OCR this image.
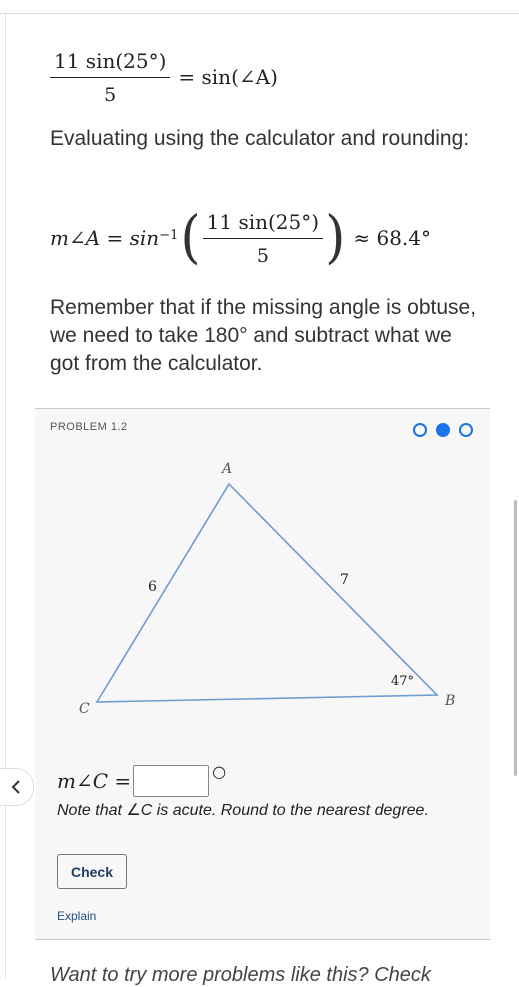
$\frac{11 \sin(25^\circ)}{5}$ = sin(∠A)
Evaluating using the calculator and rounding:
m∠A = $\sin^{-1}$ ( $\frac{11 \sin(25^\circ)}{5}$ ) ≈ 68.4°
Remember that if the missing angle is obtuse, we need to take 180° and subtract what we got from the calculator.
PROBLEM 1.2
A
B
C
6	7
47°
m∠C =	○
Note that ∠C is acute. Round to the nearest degree.
Check
Explain
Want to try more problems like this? Check
